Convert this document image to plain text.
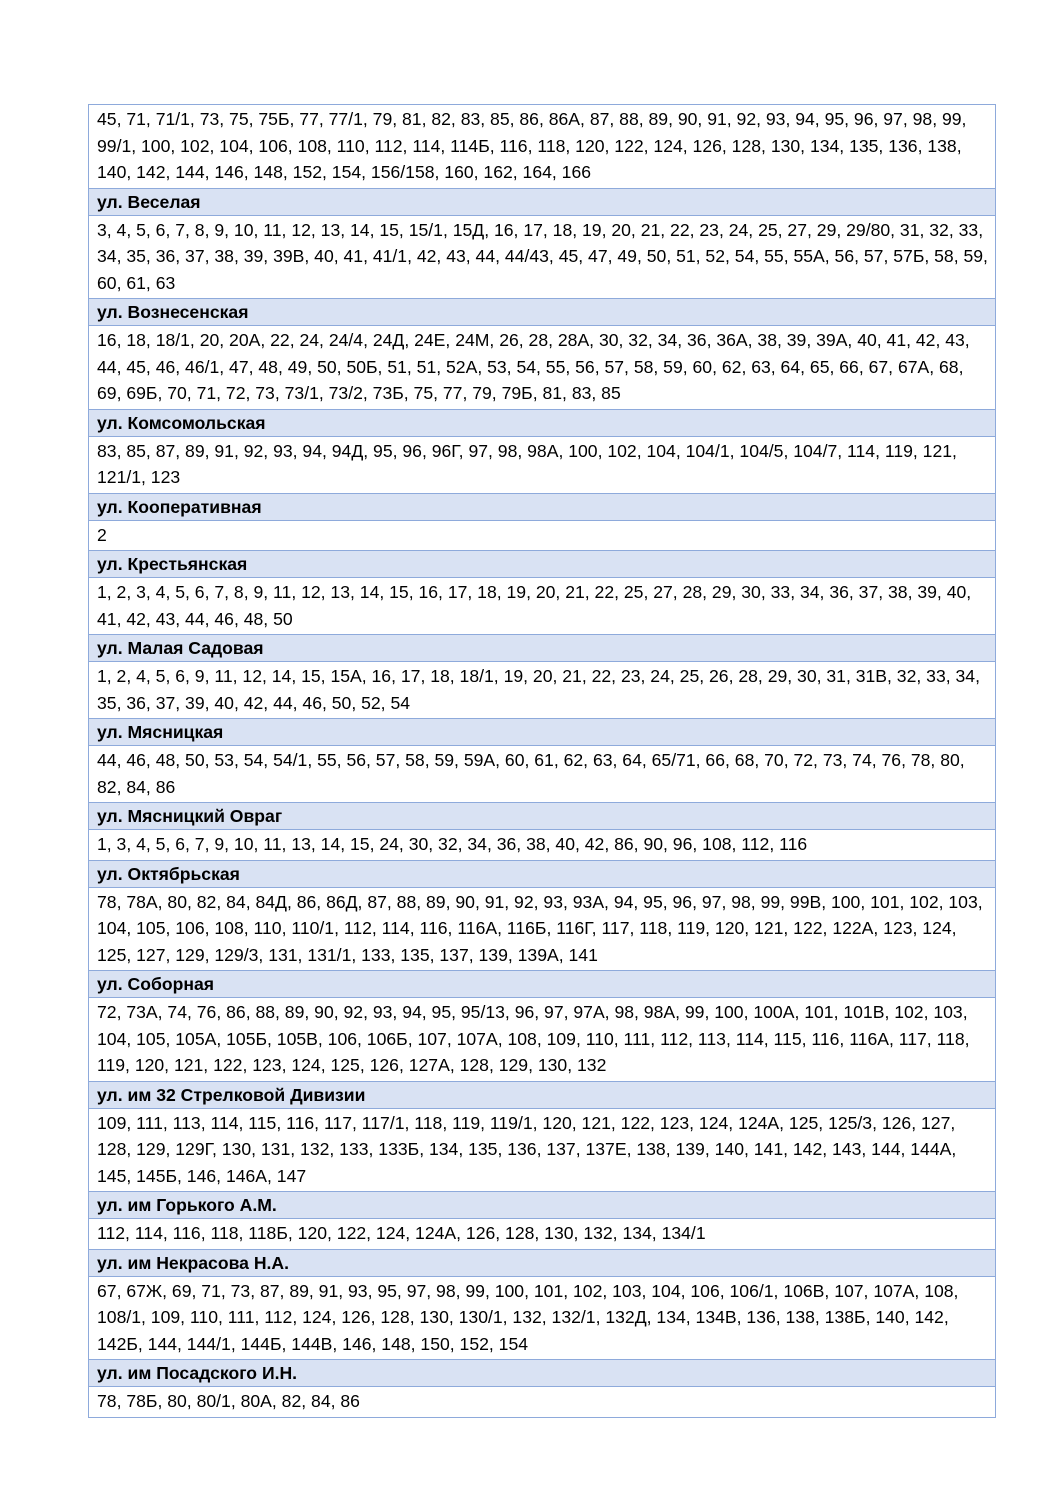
45, 71, 71/1, 73, 75, 75Б, 77, 77/1, 79, 81, 82, 83, 85, 86, 86А, 87, 88, 89, 90, 91, 92, 93, 94, 95, 96, 97, 98, 99, 99/1, 100, 102, 104, 106, 108, 110, 112, 114, 114Б, 116, 118, 120, 122, 124, 126, 128, 130, 134, 135, 136, 138, 140, 142, 144, 146, 148, 152, 154, 156/158, 160, 162, 164, 166
ул. Веселая
3, 4, 5, 6, 7, 8, 9, 10, 11, 12, 13, 14, 15, 15/1, 15Д, 16, 17, 18, 19, 20, 21, 22, 23, 24, 25, 27, 29, 29/80, 31, 32, 33, 34, 35, 36, 37, 38, 39, 39В, 40, 41, 41/1, 42, 43, 44, 44/43, 45, 47, 49, 50, 51, 52, 54, 55, 55А, 56, 57, 57Б, 58, 59, 60, 61, 63
ул. Вознесенская
16, 18, 18/1, 20, 20А, 22, 24, 24/4, 24Д, 24Е, 24М, 26, 28, 28А, 30, 32, 34, 36, 36А, 38, 39, 39А, 40, 41, 42, 43, 44, 45, 46, 46/1, 47, 48, 49, 50, 50Б, 51, 51, 52А, 53, 54, 55, 56, 57, 58, 59, 60, 62, 63, 64, 65, 66, 67, 67А, 68, 69, 69Б, 70, 71, 72, 73, 73/1, 73/2, 73Б, 75, 77, 79, 79Б, 81, 83, 85
ул. Комсомольская
83, 85, 87, 89, 91, 92, 93, 94, 94Д, 95, 96, 96Г, 97, 98, 98А, 100, 102, 104, 104/1, 104/5, 104/7, 114, 119, 121, 121/1, 123
ул. Кооперативная
2
ул. Крестьянская
1, 2, 3, 4, 5, 6, 7, 8, 9, 11, 12, 13, 14, 15, 16, 17, 18, 19, 20, 21, 22, 25, 27, 28, 29, 30, 33, 34, 36, 37, 38, 39, 40, 41, 42, 43, 44, 46, 48, 50
ул. Малая Садовая
1, 2, 4, 5, 6, 9, 11, 12, 14, 15, 15А, 16, 17, 18, 18/1, 19, 20, 21, 22, 23, 24, 25, 26, 28, 29, 30, 31, 31В, 32, 33, 34, 35, 36, 37, 39, 40, 42, 44, 46, 50, 52, 54
ул. Мясницкая
44, 46, 48, 50, 53, 54, 54/1, 55, 56, 57, 58, 59, 59А, 60, 61, 62, 63, 64, 65/71, 66, 68, 70, 72, 73, 74, 76, 78, 80, 82, 84, 86
ул. Мясницкий Овраг
1, 3, 4, 5, 6, 7, 9, 10, 11, 13, 14, 15, 24, 30, 32, 34, 36, 38, 40, 42, 86, 90, 96, 108, 112, 116
ул. Октябрьская
78, 78А, 80, 82, 84, 84Д, 86, 86Д, 87, 88, 89, 90, 91, 92, 93, 93А, 94, 95, 96, 97, 98, 99, 99В, 100, 101, 102, 103, 104, 105, 106, 108, 110, 110/1, 112, 114, 116, 116А, 116Б, 116Г, 117, 118, 119, 120, 121, 122, 122А, 123, 124, 125, 127, 129, 129/3, 131, 131/1, 133, 135, 137, 139, 139А, 141
ул. Соборная
72, 73А, 74, 76, 86, 88, 89, 90, 92, 93, 94, 95, 95/13, 96, 97, 97А, 98, 98А, 99, 100, 100А, 101, 101В, 102, 103, 104, 105, 105А, 105Б, 105В, 106, 106Б, 107, 107А, 108, 109, 110, 111, 112, 113, 114, 115, 116, 116А, 117, 118, 119, 120, 121, 122, 123, 124, 125, 126, 127А, 128, 129, 130, 132
ул. им 32 Стрелковой Дивизии
109, 111, 113, 114, 115, 116, 117, 117/1, 118, 119, 119/1, 120, 121, 122, 123, 124, 124А, 125, 125/3, 126, 127, 128, 129, 129Г, 130, 131, 132, 133, 133Б, 134, 135, 136, 137, 137Е, 138, 139, 140, 141, 142, 143, 144, 144А, 145, 145Б, 146, 146А, 147
ул. им Горького А.М.
112, 114, 116, 118, 118Б, 120, 122, 124, 124А, 126, 128, 130, 132, 134, 134/1
ул. им Некрасова Н.А.
67, 67Ж, 69, 71, 73, 87, 89, 91, 93, 95, 97, 98, 99, 100, 101, 102, 103, 104, 106, 106/1, 106В, 107, 107А, 108, 108/1, 109, 110, 111, 112, 124, 126, 128, 130, 130/1, 132, 132/1, 132Д, 134, 134В, 136, 138, 138Б, 140, 142, 142Б, 144, 144/1, 144Б, 144В, 146, 148, 150, 152, 154
ул. им Посадского И.Н.
78, 78Б, 80, 80/1, 80А, 82, 84, 86
